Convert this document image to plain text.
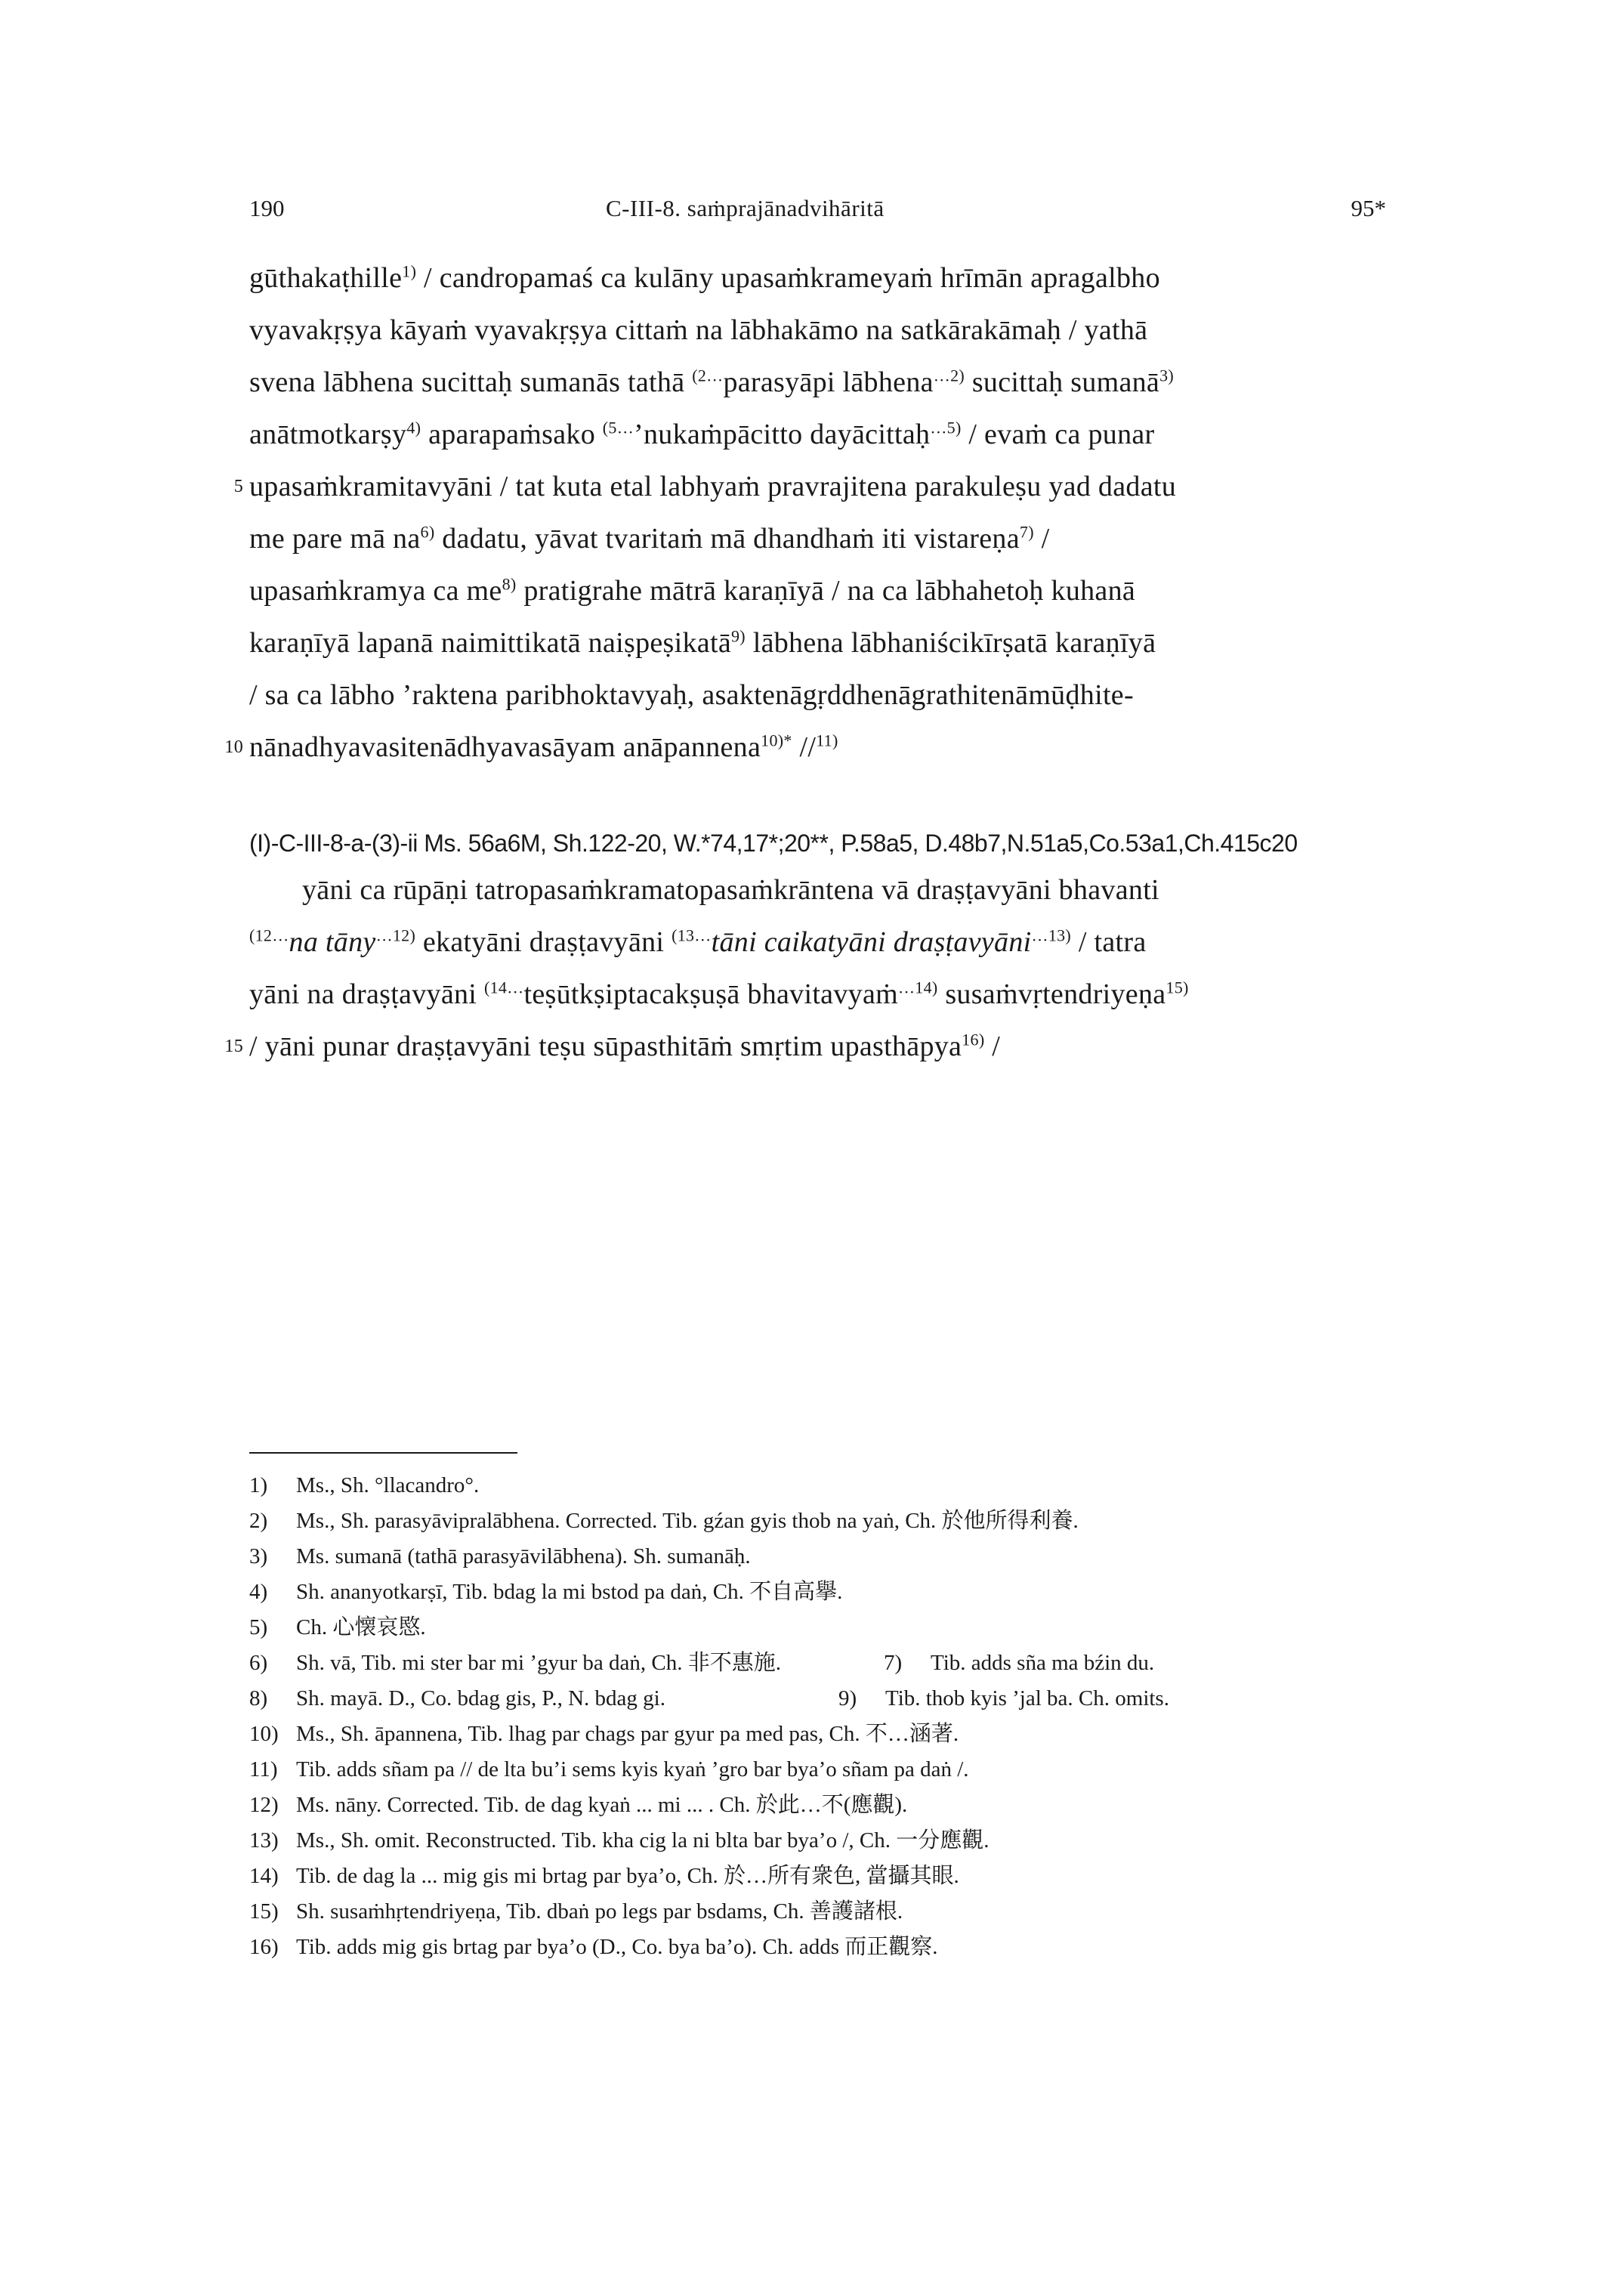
190	C-III-8. saṁprajānadvihāritā	95*
gūthakaṭhille$^{1)}$ / candropamaś ca kulāny upasaṁkrameyaṁ hrīmān apragalbho
vyavakṛṣya kāyaṁ vyavakṛṣya cittaṁ na lābhakāmo na satkārakāmaḥ / yathā
svena lābhena sucittaḥ sumanās tathā $^{(2\dots}$parasyāpi lābhena$^{\dots 2)}$ sucittaḥ sumanā$^{3)}$
anātmotkarṣy$^{4)}$ aparapaṁsako $^{(5\dots}$’nukaṁpācitto dayācittaḥ$^{\dots 5)}$ / evaṁ ca punar
5 upasaṁkramitavyāni / tat kuta etal labhyaṁ pravrajitena parakuleṣu yad dadatu
me pare mā na$^{6)}$ dadatu, yāvat tvaritaṁ mā dhandhaṁ iti vistareṇa$^{7)}$ /
upasaṁkramya ca me$^{8)}$ pratigrahe mātrā karaṇīyā / na ca lābhahetoḥ kuhanā
karaṇīyā lapanā naimittikatā naiṣpeṣikatā$^{9)}$ lābhena lābhaniścikīrṣatā karaṇīyā
/ sa ca lābho ’raktena paribhoktavyaḥ, asaktenāgṛddhenāgrathitenāmūḍhite-
10 nānadhyavasitenādhyavasāyam anāpannena$^{10)*}$ //$^{11)}$
(I)-C-III-8-a-(3)-ii Ms. 56a6M, Sh.122-20, W.*74,17*;20**, P.58a5, D.48b7,N.51a5,Co.53a1,Ch.415c20
yāni ca rūpāṇi tatropasaṁkramatopasaṁkrāntena vā draṣṭavyāni bhavanti
$^{(12\dots}$na tāny$^{\dots 12)}$ ekatyāni draṣṭavyāni $^{(13\dots}$tāni caikatyāni draṣṭavyāni$^{\dots 13)}$ / tatra
yāni na draṣṭavyāni $^{(14\dots}$teṣūtkṣiptacakṣuṣā bhavitavyaṁ$^{\dots 14)}$ susaṁvṛtendriyeṇa$^{15)}$
15 / yāni punar draṣṭavyāni teṣu sūpasthitāṁ smṛtim upasthāpya$^{16)}$ /
1) Ms., Sh. °llacandro°.
2) Ms., Sh. parasyāvipralābhena. Corrected. Tib. gźan gyis thob na yaṅ, Ch. 於他所得利養.
3) Ms. sumanā (tathā parasyāvilābhena). Sh. sumanāḥ.
4) Sh. ananyotkarṣī, Tib. bdag la mi bstod pa daṅ, Ch. 不自高擧.
5) Ch. 心懐哀愍.
6) Sh. vā, Tib. mi ster bar mi ’gyur ba daṅ, Ch. 非不惠施.	7) Tib. adds sña ma bźin du.
8) Sh. mayā. D., Co. bdag gis, P., N. bdag gi.	9) Tib. thob kyis ’jal ba. Ch. omits.
10) Ms., Sh. āpannena, Tib. lhag par chags par gyur pa med pas, Ch. 不…涵著.
11) Tib. adds sñam pa // de lta bu’i sems kyis kyaṅ ’gro bar bya’o sñam pa daṅ /.
12) Ms. nāny. Corrected. Tib. de dag kyaṅ ... mi ... . Ch. 於此…不(應觀).
13) Ms., Sh. omit. Reconstructed. Tib. kha cig la ni blta bar bya’o /, Ch. 一分應觀.
14) Tib. de dag la ... mig gis mi brtag par bya’o, Ch. 於…所有衆色, 當攝其眼.
15) Sh. susaṁhṛtendriyeṇa, Tib. dbaṅ po legs par bsdams, Ch. 善護諸根.
16) Tib. adds mig gis brtag par bya’o (D., Co. bya ba’o). Ch. adds 而正觀察.
